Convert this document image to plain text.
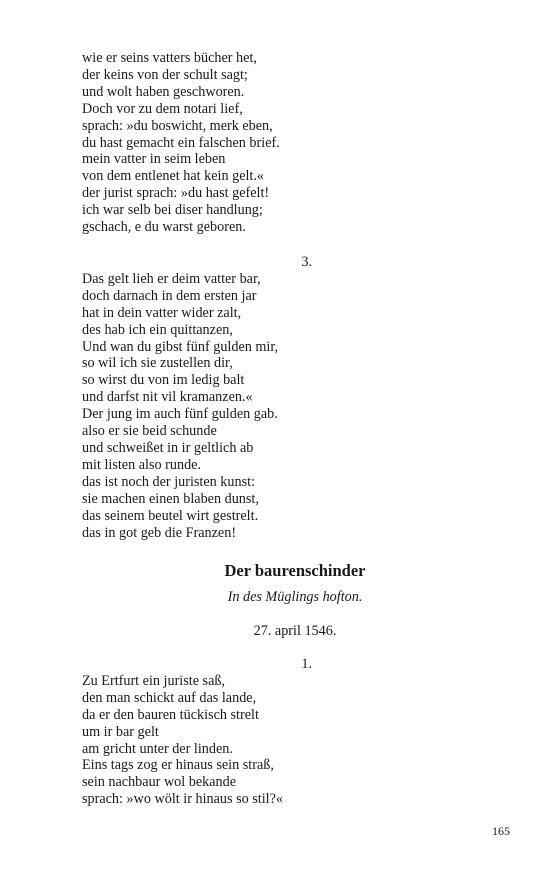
wie er seins vatters bücher het,
der keins von der schult sagt;
und wolt haben geschworen.
Doch vor zu dem notari lief,
sprach: »du boswicht, merk eben,
du hast gemacht ein falschen brief.
mein vatter in seim leben
von dem entlenet hat kein gelt.«
der jurist sprach: »du hast gefelt!
ich war selb bei diser handlung;
gschach, e du warst geboren.
3.
Das gelt lieh er deim vatter bar,
doch darnach in dem ersten jar
hat in dein vatter wider zalt,
des hab ich ein quittanzen,
Und wan du gibst fünf gulden mir,
so wil ich sie zustellen dir,
so wirst du von im ledig balt
und darfst nit vil kramanzen.«
Der jung im auch fünf gulden gab.
also er sie beid schunde
und schweißet in ir geltlich ab
mit listen also runde.
das ist noch der juristen kunst:
sie machen einen blaben dunst,
das seinem beutel wirt gestrelt.
das in got geb die Franzen!
Der baurenschinder
In des Müglings hofton.
27. april 1546.
1.
Zu Ertfurt ein juriste saß,
den man schickt auf das lande,
da er den bauren tückisch strelt
um ir bar gelt
am gricht unter der linden.
Eins tags zog er hinaus sein straß,
sein nachbaur wol bekande
sprach: »wo wölt ir hinaus so stil?«
165
